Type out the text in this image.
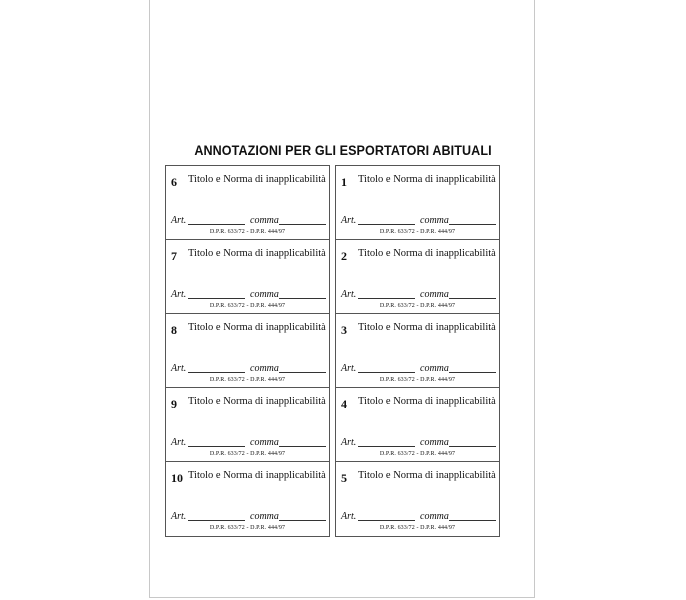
ANNOTAZIONI PER GLI ESPORTATORI ABITUALI
6 Titolo e Norma di inapplicabilità
Art.	comma
D.P.R. 633/72 - D.P.R. 444/97
7 Titolo e Norma di inapplicabilità
Art.	comma
D.P.R. 633/72 - D.P.R. 444/97
8 Titolo e Norma di inapplicabilità
Art.	comma
D.P.R. 633/72 - D.P.R. 444/97
9 Titolo e Norma di inapplicabilità
Art.	comma
D.P.R. 633/72 - D.P.R. 444/97
10 Titolo e Norma di inapplicabilità
Art.	comma
D.P.R. 633/72 - D.P.R. 444/97
1 Titolo e Norma di inapplicabilità
Art.	comma
D.P.R. 633/72 - D.P.R. 444/97
2 Titolo e Norma di inapplicabilità
Art.	comma
D.P.R. 633/72 - D.P.R. 444/97
3 Titolo e Norma di inapplicabilità
Art.	comma
D.P.R. 633/72 - D.P.R. 444/97
4 Titolo e Norma di inapplicabilità
Art.	comma
D.P.R. 633/72 - D.P.R. 444/97
5 Titolo e Norma di inapplicabilità
Art.	comma
D.P.R. 633/72 - D.P.R. 444/97
